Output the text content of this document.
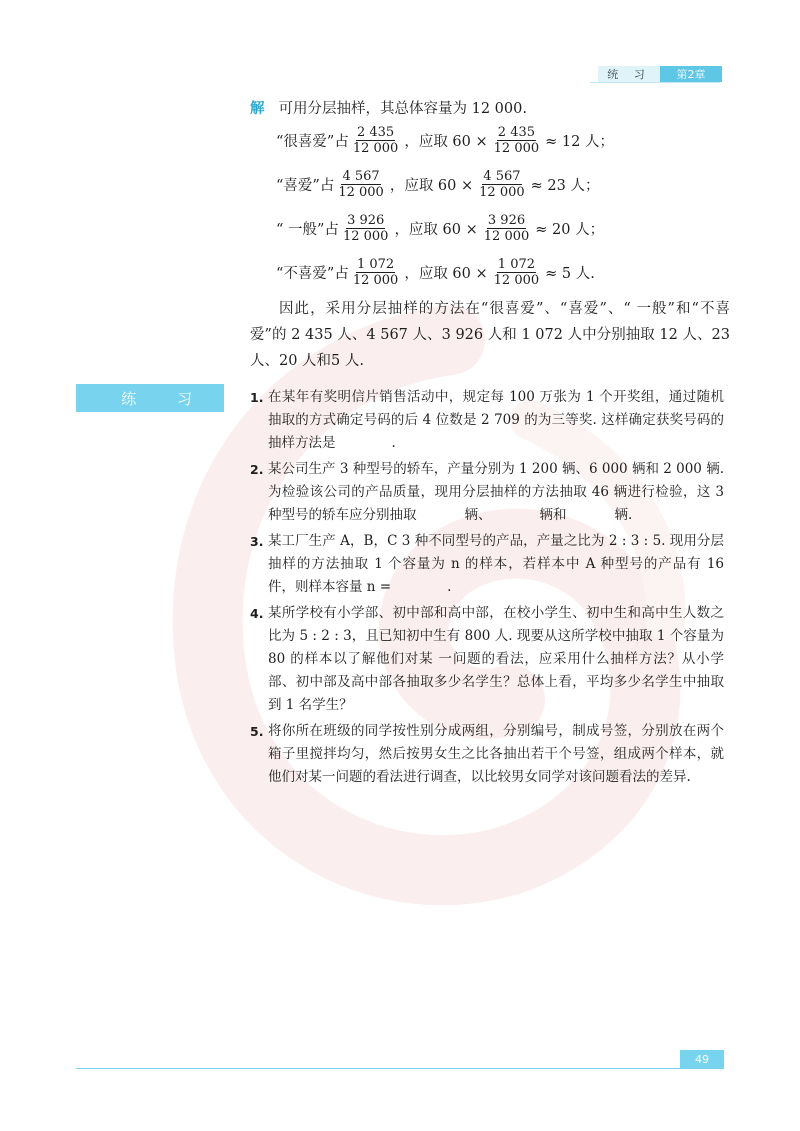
统 习	第2章
解 可用分层抽样，其总体容量为 12 000.
“很喜爱”占 $\frac{2 435}{12 000}$ ，应取 $60 \times \frac{2 435}{12 000} \approx 12$ 人；
“喜爱”占 $\frac{4 567}{12 000}$ ，应取 $60 \times \frac{4 567}{12 000} \approx 23$ 人；
“ 一般”占 $\frac{3 926}{12 000}$ ，应取 $60 \times \frac{3 926}{12 000} \approx 20$ 人；
“不喜爱”占 $\frac{1 072}{12 000}$ ，应取 $60 \times \frac{1 072}{12 000} \approx 5$ 人.
因此，采用分层抽样的方法在“很喜爱”、“喜爱”、“ 一般”和“不喜爱”的 2 435 人、4 567 人、3 926 人和 1 072 人中分别抽取 12 人、23 人、20 人和5 人.
练 习	1. 在某年有奖明信片销售活动中，规定每 100 万张为 1 个开奖组，通过随机抽取的方式确定号码的后 4 位数是 2 709 的为三等奖. 这样确定获奖号码的抽样方法是	.
2. 某公司生产 3 种型号的轿车，产量分别为 1 200 辆、6 000 辆和 2 000 辆. 为检验该公司的产品质量，现用分层抽样的方法抽取 46 辆进行检验，这 3 种型号的轿车应分别抽取	辆、	辆和	辆.
3. 某工厂生产 A，B，C 3 种不同型号的产品，产量之比为 2 : 3 : 5. 现用分层抽样的方法抽取 1 个容量为 n 的样本，若样本中 A 种型号的产品有 16 件，则样本容量 n =	.
4. 某所学校有小学部、初中部和高中部，在校小学生、初中生和高中生人数之比为 5 : 2 : 3，且已知初中生有 800 人. 现要从这所学校中抽取 1 个容量为 80 的样本以了解他们对某 一问题的看法，应采用什么抽样方法？从小学部、初中部及高中部各抽取多少名学生？总体上看，平均多少名学生中抽取到 1 名学生？
5. 将你所在班级的同学按性别分成两组，分别编号，制成号签，分别放在两个箱子里搅拌均匀，然后按男女生之比各抽出若干个号签，组成两个样本，就他们对某一问题的看法进行调查，以比较男女同学对该问题看法的差异.
49
